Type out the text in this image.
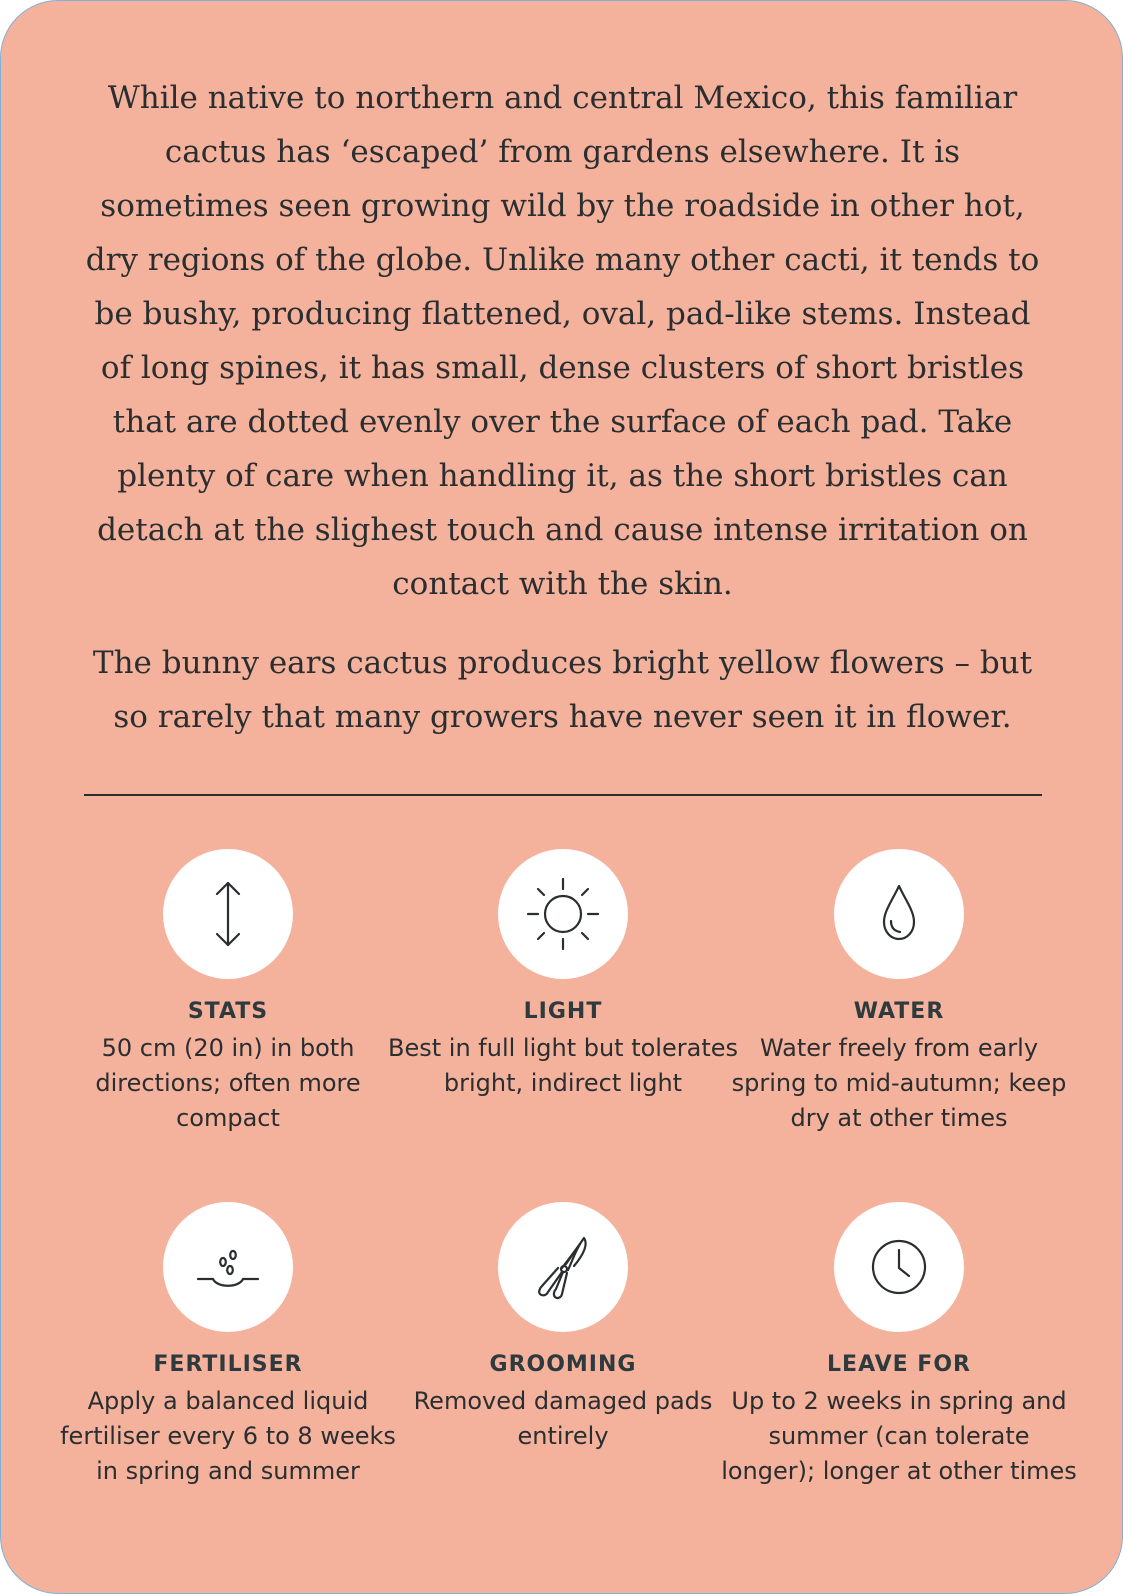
While native to northern and central Mexico, this familiar cactus has ‘escaped’ from gardens elsewhere. It is sometimes seen growing wild by the roadside in other hot, dry regions of the globe. Unlike many other cacti, it tends to be bushy, producing flattened, oval, pad-like stems. Instead of long spines, it has small, dense clusters of short bristles that are dotted evenly over the surface of each pad. Take plenty of care when handling it, as the short bristles can detach at the slighest touch and cause intense irritation on contact with the skin.

The bunny ears cactus produces bright yellow flowers – but so rarely that many growers have never seen it in flower.

STATS
50 cm (20 in) in both directions; often more compact
LIGHT
Best in full light but tolerates bright, indirect light
WATER
Water freely from early spring to mid-autumn; keep dry at other times
FERTILISER
Apply a balanced liquid fertiliser every 6 to 8 weeks in spring and summer
GROOMING
Removed damaged pads entirely
LEAVE FOR
Up to 2 weeks in spring and summer (can tolerate longer); longer at other times
